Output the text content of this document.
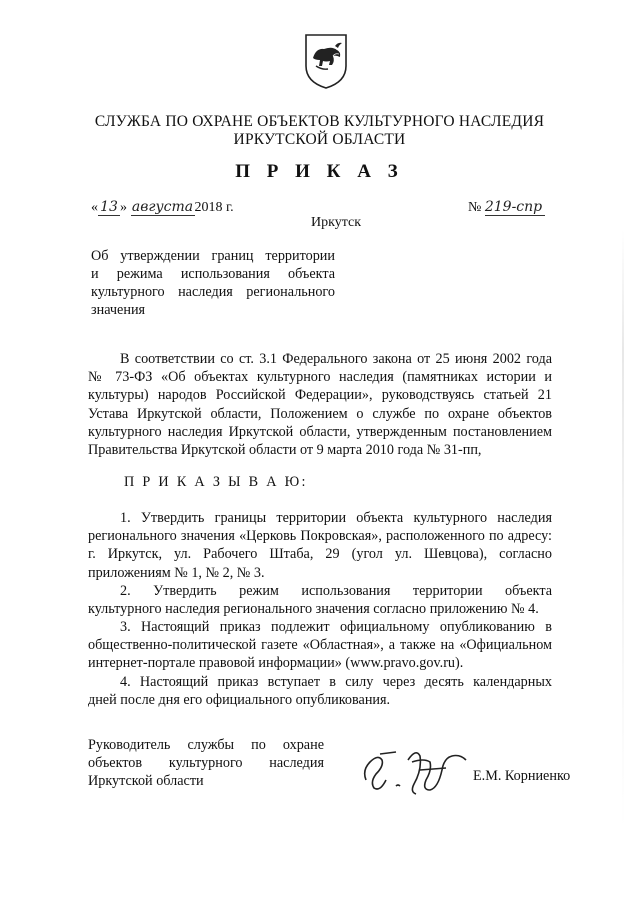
СЛУЖБА ПО ОХРАНЕ ОБЪЕКТОВ КУЛЬТУРНОГО НАСЛЕДИЯ
ИРКУТСКОЙ ОБЛАСТИ
П Р И К А З
« 13 » августа2018 г.
Иркутск
№ 219-спр
Об утверждении границ территории
и режима использования объекта
культурного наследия регионального
значения
В соответствии со ст. 3.1 Федерального закона от 25 июня 2002 года
№ 73-ФЗ «Об объектах культурного наследия (памятниках истории и
культуры) народов Российской Федерации», руководствуясь статьей 21
Устава Иркутской области, Положением о службе по охране объектов
культурного наследия Иркутской области, утвержденным постановлением
Правительства Иркутской области от 9 марта 2010 года № 31-пп,
П Р И К А З Ы В А Ю:
1. Утвердить границы территории объекта культурного наследия
регионального значения «Церковь Покровская», расположенного по адресу:
г. Иркутск, ул. Рабочего Штаба, 29 (угол ул. Шевцова), согласно
приложениям № 1, № 2, № 3.
2. Утвердить режим использования территории объекта
культурного наследия регионального значения согласно приложению № 4.
3. Настоящий приказ подлежит официальному опубликованию в
общественно-политической газете «Областная», а также на «Официальном
интернет-портале правовой информации» (www.pravo.gov.ru).
4. Настоящий приказ вступает в силу через десять календарных
дней после дня его официального опубликования.
Руководитель службы по охране
объектов культурного наследия
Иркутской области	Е.М. Корниенко
